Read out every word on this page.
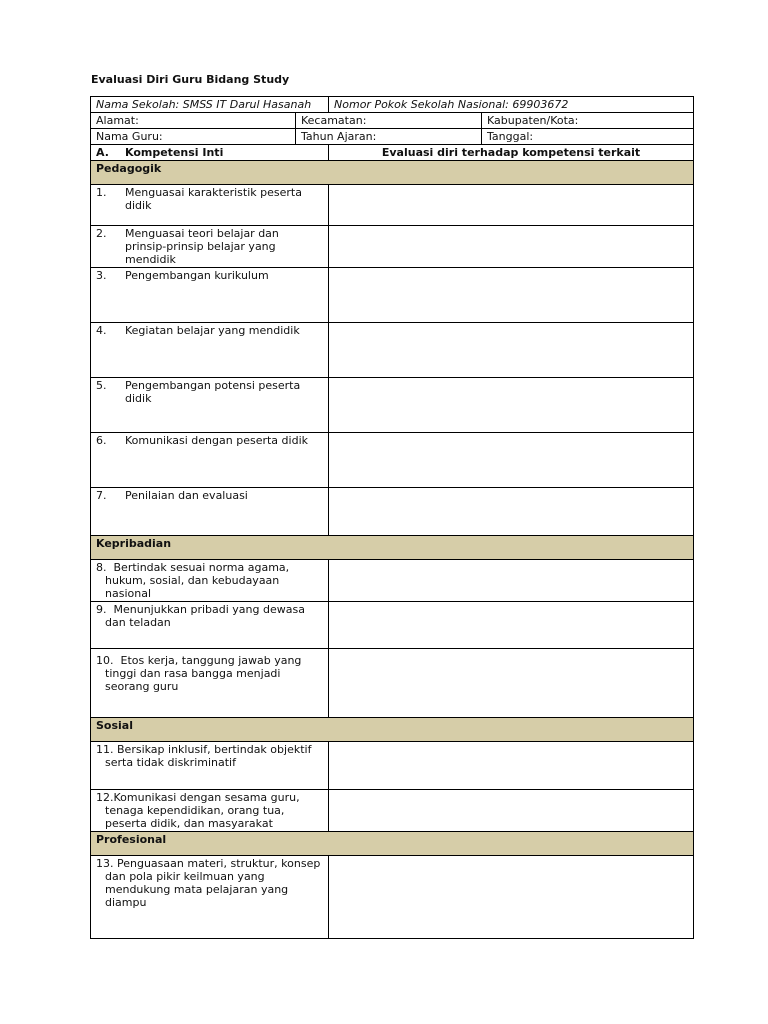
Evaluasi Diri Guru Bidang Study
Nama Sekolah: SMSS IT Darul Hasanah		Nomor Pokok Sekolah Nasional: 69903672	
Alamat:	Kecamatan:		Kabupaten/Kota:
Nama Guru:	Tahun Ajaran:		Tanggal:

A. Kompetensi Inti		Evaluasi diri terhadap kompetensi terkait	
Pedagogik			

1. Menguasai karakteristik peserta didik			

2. Menguasai teori belajar dan prinsip-prinsip belajar yang mendidik			

3. Pengembangan kurikulum			

4. Kegiatan belajar yang mendidik			

5. Pengembangan potensi peserta didik			

6. Komunikasi dengan peserta didik			

7. Penilaian dan evaluasi			

Kepribadian			

8. Bertindak sesuai norma agama, hukum, sosial, dan kebudayaan nasional			

9. Menunjukkan pribadi yang dewasa dan teladan			

10. Etos kerja, tanggung jawab yang tinggi dan rasa bangga menjadi seorang guru			

Sosial			

11. Bersikap inklusif, bertindak objektif serta tidak diskriminatif			

12.Komunikasi dengan sesama guru, tenaga kependidikan, orang tua, peserta didik, dan masyarakat			

Profesional			

13. Penguasaan materi, struktur, konsep dan pola pikir keilmuan yang mendukung mata pelajaran yang diampu			
